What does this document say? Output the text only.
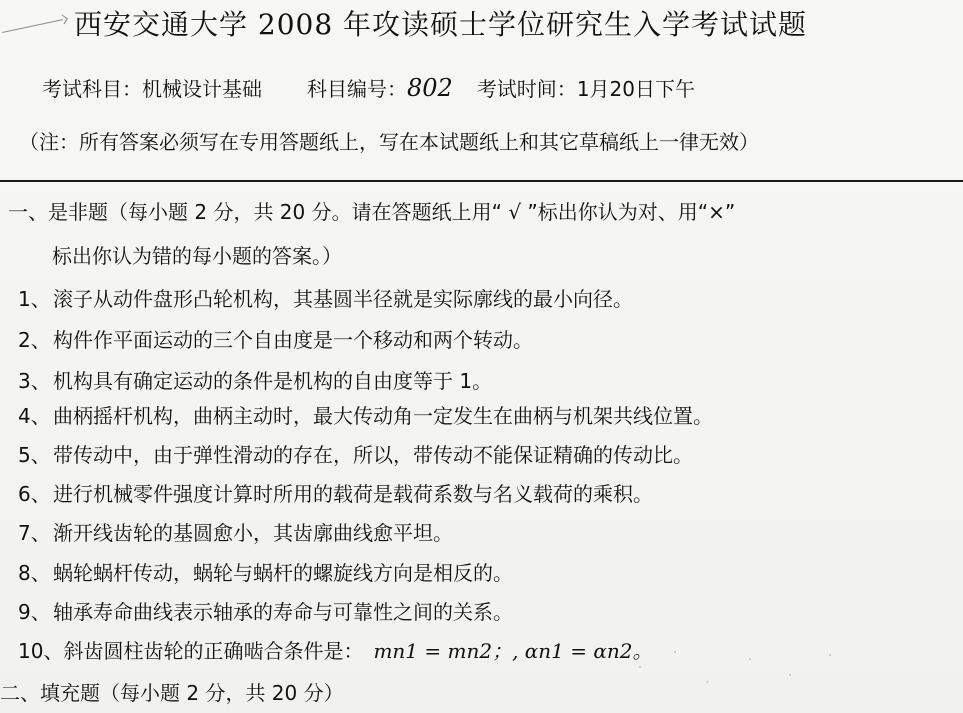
西安交通大学 2008 年攻读硕士学位研究生入学考试试题
考试科目： 机械设计基础 科目编号： 802 考试时间： 1月20日下午
（注：所有答案必须写在专用答题纸上，写在本试题纸上和其它草稿纸上一律无效）
一、是非题（每小题 2 分，共 20 分。请在答题纸上用“ √ ”标出你认为对、用“×”
标出你认为错的每小题的答案。）
1、 滚子从动件盘形凸轮机构，其基圆半径就是实际廓线的最小向径。
2、 构件作平面运动的三个自由度是一个移动和两个转动。
3、 机构具有确定运动的条件是机构的自由度等于 1。
4、 曲柄摇杆机构，曲柄主动时，最大传动角一定发生在曲柄与机架共线位置。
5、 带传动中，由于弹性滑动的存在，所以，带传动不能保证精确的传动比。
6、 进行机械零件强度计算时所用的载荷是载荷系数与名义载荷的乘积。
7、 渐开线齿轮的基圆愈小，其齿廓曲线愈平坦。
8、 蜗轮蜗杆传动，蜗轮与蜗杆的螺旋线方向是相反的。
9、 轴承寿命曲线表示轴承的寿命与可靠性之间的关系。
10、斜齿圆柱齿轮的正确啮合条件是： mn1 = mn2；, αn1 = αn2。
二、填充题（每小题 2 分，共 20 分）
